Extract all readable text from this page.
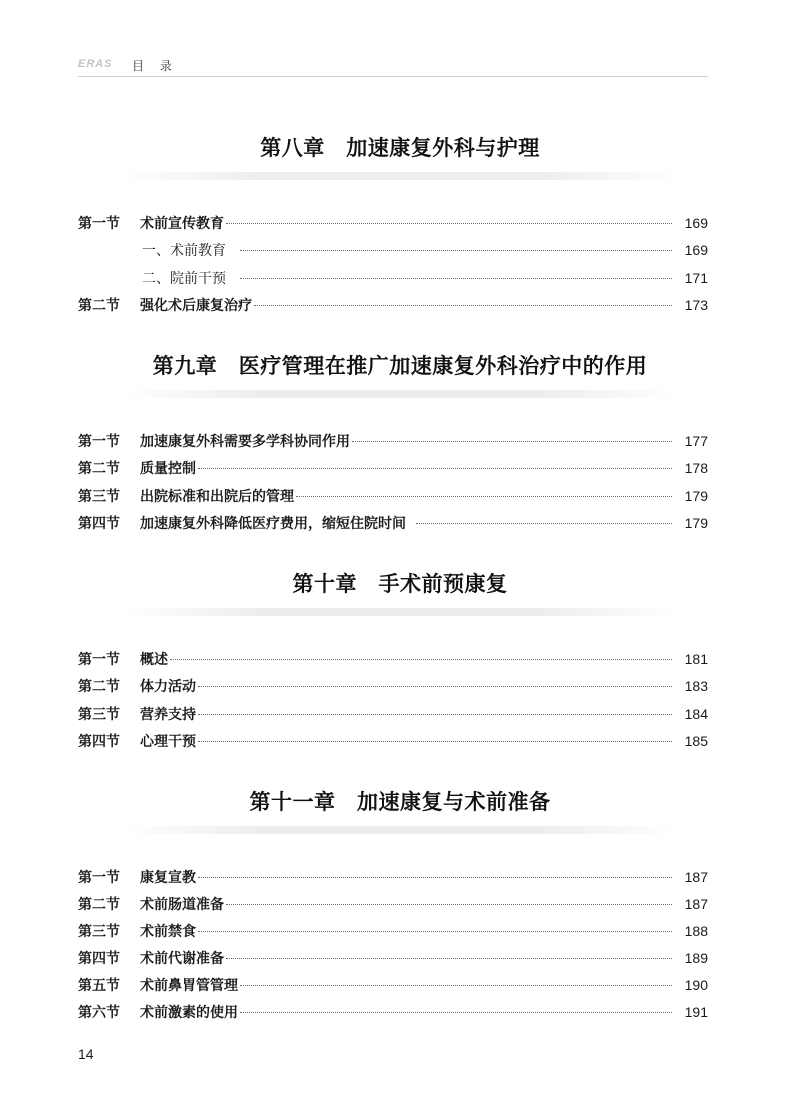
ERAS 目 录
第八章　加速康复外科与护理
第一节	术前宣传教育	169
一、术前教育	169
二、院前干预	171
第二节	强化术后康复治疗	173
第九章　医疗管理在推广加速康复外科治疗中的作用
第一节	加速康复外科需要多学科协同作用	177
第二节	质量控制	178
第三节	出院标准和出院后的管理	179
第四节	加速康复外科降低医疗费用，缩短住院时间	179
第十章　手术前预康复
第一节	概述	181
第二节	体力活动	183
第三节	营养支持	184
第四节	心理干预	185
第十一章　加速康复与术前准备
第一节	康复宣教	187
第二节	术前肠道准备	187
第三节	术前禁食	188
第四节	术前代谢准备	189
第五节	术前鼻胃管管理	190
第六节	术前激素的使用	191
14
